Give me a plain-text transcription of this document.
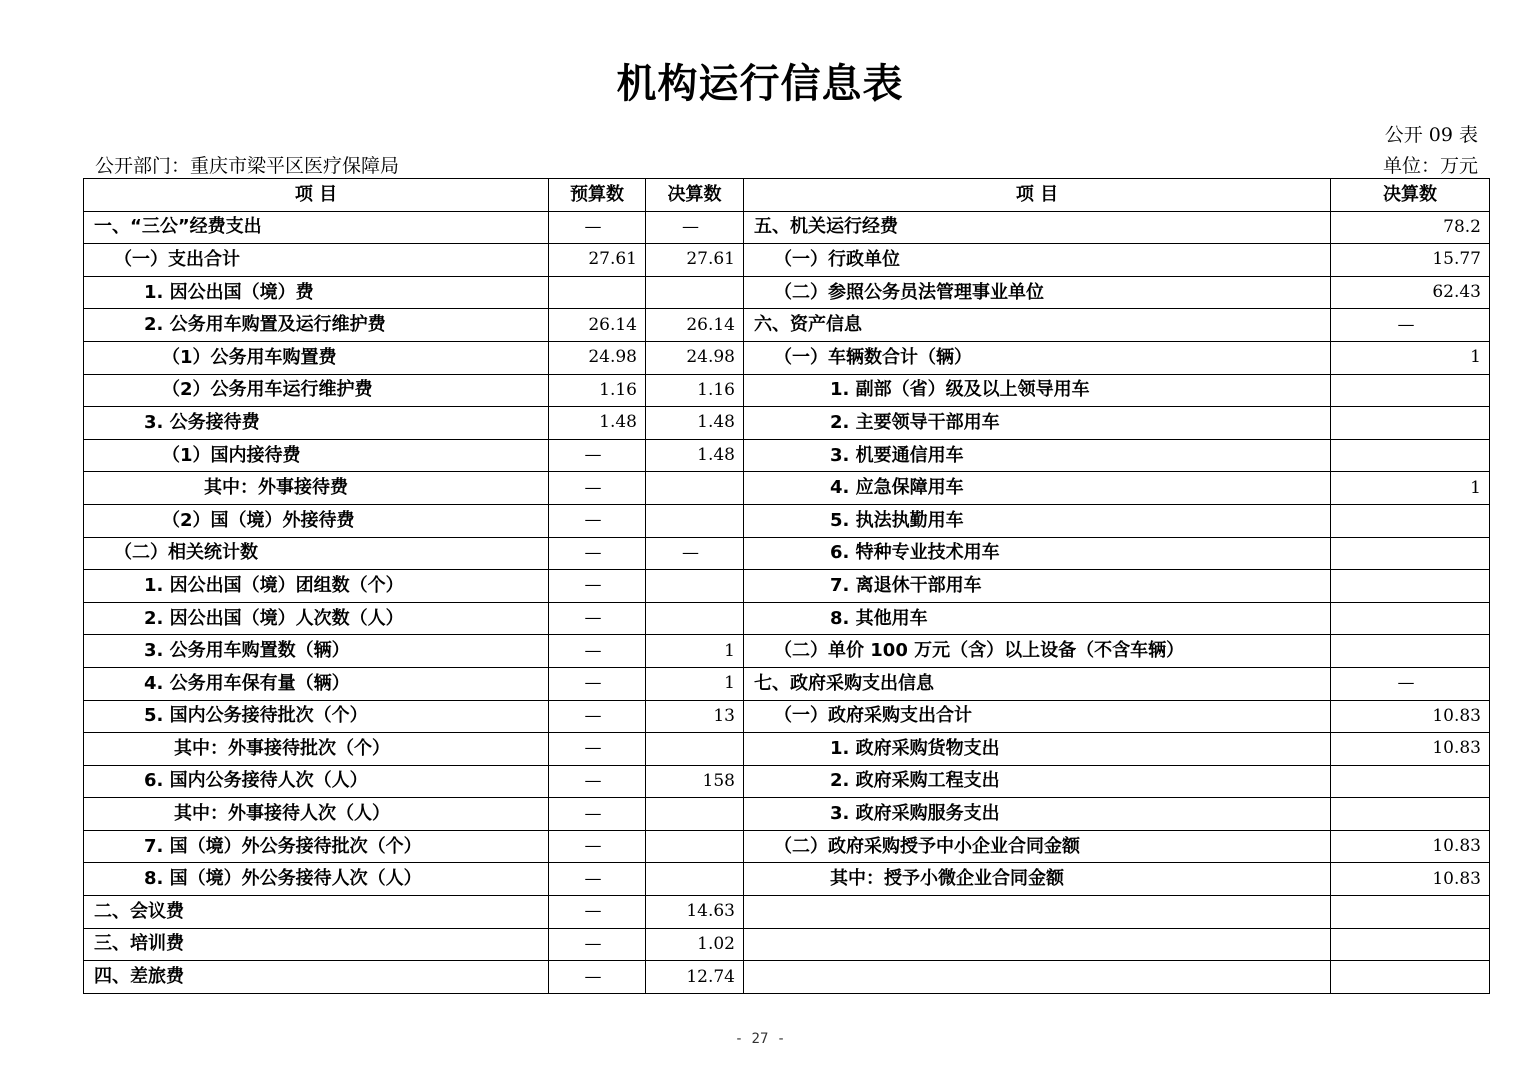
机构运行信息表
公开 09 表
公开部门：重庆市梁平区医疗保障局	单位：万元
项 目	预算数	决算数	项 目	决算数
一、“三公”经费支出	—	—	五、机关运行经费	78.2
（一）支出合计	27.61	27.61	（一）行政单位	15.77
1. 因公出国（境）费			（二）参照公务员法管理事业单位	62.43
2. 公务用车购置及运行维护费	26.14	26.14	六、资产信息	—
（1）公务用车购置费	24.98	24.98	（一）车辆数合计（辆）	1
（2）公务用车运行维护费	1.16	1.16	1. 副部（省）级及以上领导用车	
3. 公务接待费	1.48	1.48	2. 主要领导干部用车	
（1）国内接待费	—	1.48	3. 机要通信用车	
其中：外事接待费	—		4. 应急保障用车	1
（2）国（境）外接待费	—		5. 执法执勤用车	
（二）相关统计数	—	—	6. 特种专业技术用车	
1. 因公出国（境）团组数（个）	—		7. 离退休干部用车	
2. 因公出国（境）人次数（人）	—		8. 其他用车	
3. 公务用车购置数（辆）	—	1	（二）单价 100 万元（含）以上设备（不含车辆）	
4. 公务用车保有量（辆）	—	1	七、政府采购支出信息	—
5. 国内公务接待批次（个）	—	13	（一）政府采购支出合计	10.83
其中：外事接待批次（个）	—		1. 政府采购货物支出	10.83
6. 国内公务接待人次（人）	—	158	2. 政府采购工程支出	
其中：外事接待人次（人）	—		3. 政府采购服务支出	
7. 国（境）外公务接待批次（个）	—		（二）政府采购授予中小企业合同金额	10.83
8. 国（境）外公务接待人次（人）	—		其中：授予小微企业合同金额	10.83
二、会议费	—	14.63		
三、培训费	—	1.02		
四、差旅费	—	12.74		
- 27 -
